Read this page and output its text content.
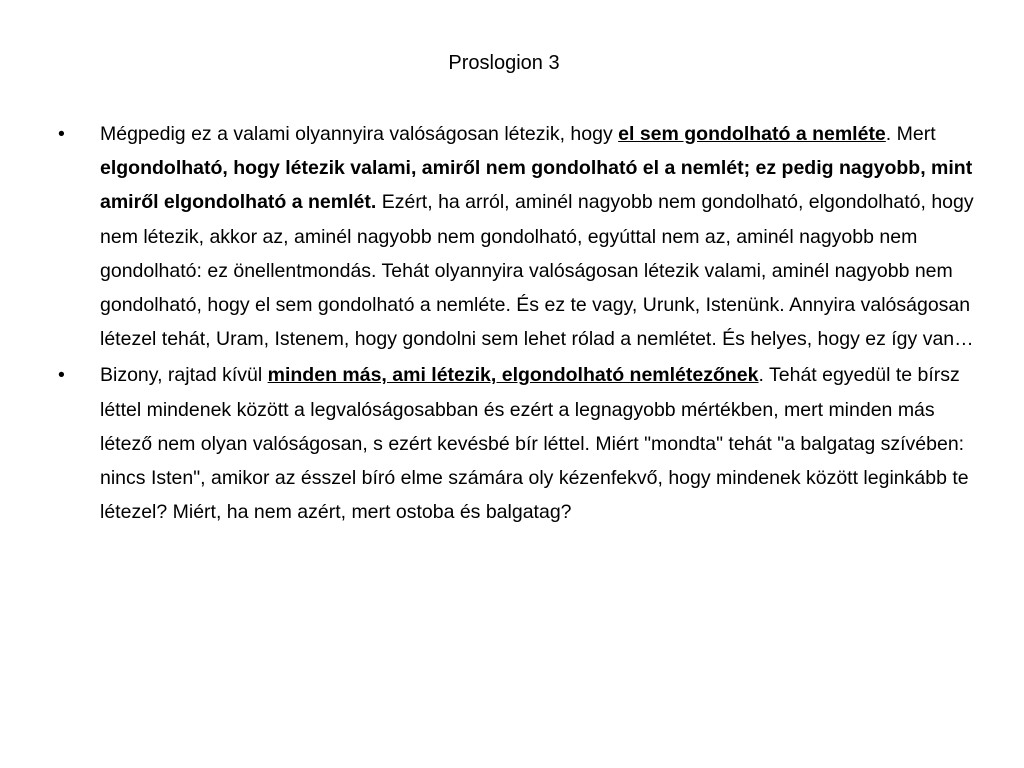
Proslogion 3
•	Mégpedig ez a valami olyannyira valóságosan létezik, hogy el sem gondolható a nemléte. Mert elgondolható, hogy létezik valami, amiről nem gondolható el a nemlét; ez pedig nagyobb, mint amiről elgondolható a nemlét. Ezért, ha arról, aminél nagyobb nem gondolható, elgondolható, hogy nem létezik, akkor az, aminél nagyobb nem gondolható, egyúttal nem az, aminél nagyobb nem gondolható: ez önellentmondás. Tehát olyannyira valóságosan létezik valami, aminél nagyobb nem gondolható, hogy el sem gondolható a nemléte. És ez te vagy, Urunk, Istenünk. Annyira valóságosan létezel tehát, Uram, Istenem, hogy gondolni sem lehet rólad a nemlétet. És helyes, hogy ez így van…
•	Bizony, rajtad kívül minden más, ami létezik, elgondolható nemlétezőnek. Tehát egyedül te bírsz léttel mindenek között a legvalóságosabban és ezért a legnagyobb mértékben, mert minden más létező nem olyan valóságosan, s ezért kevésbé bír léttel. Miért "mondta" tehát "a balgatag szívében: nincs Isten", amikor az ésszel bíró elme számára oly kézenfekvő, hogy mindenek között leginkább te létezel? Miért, ha nem azért, mert ostoba és balgatag?
